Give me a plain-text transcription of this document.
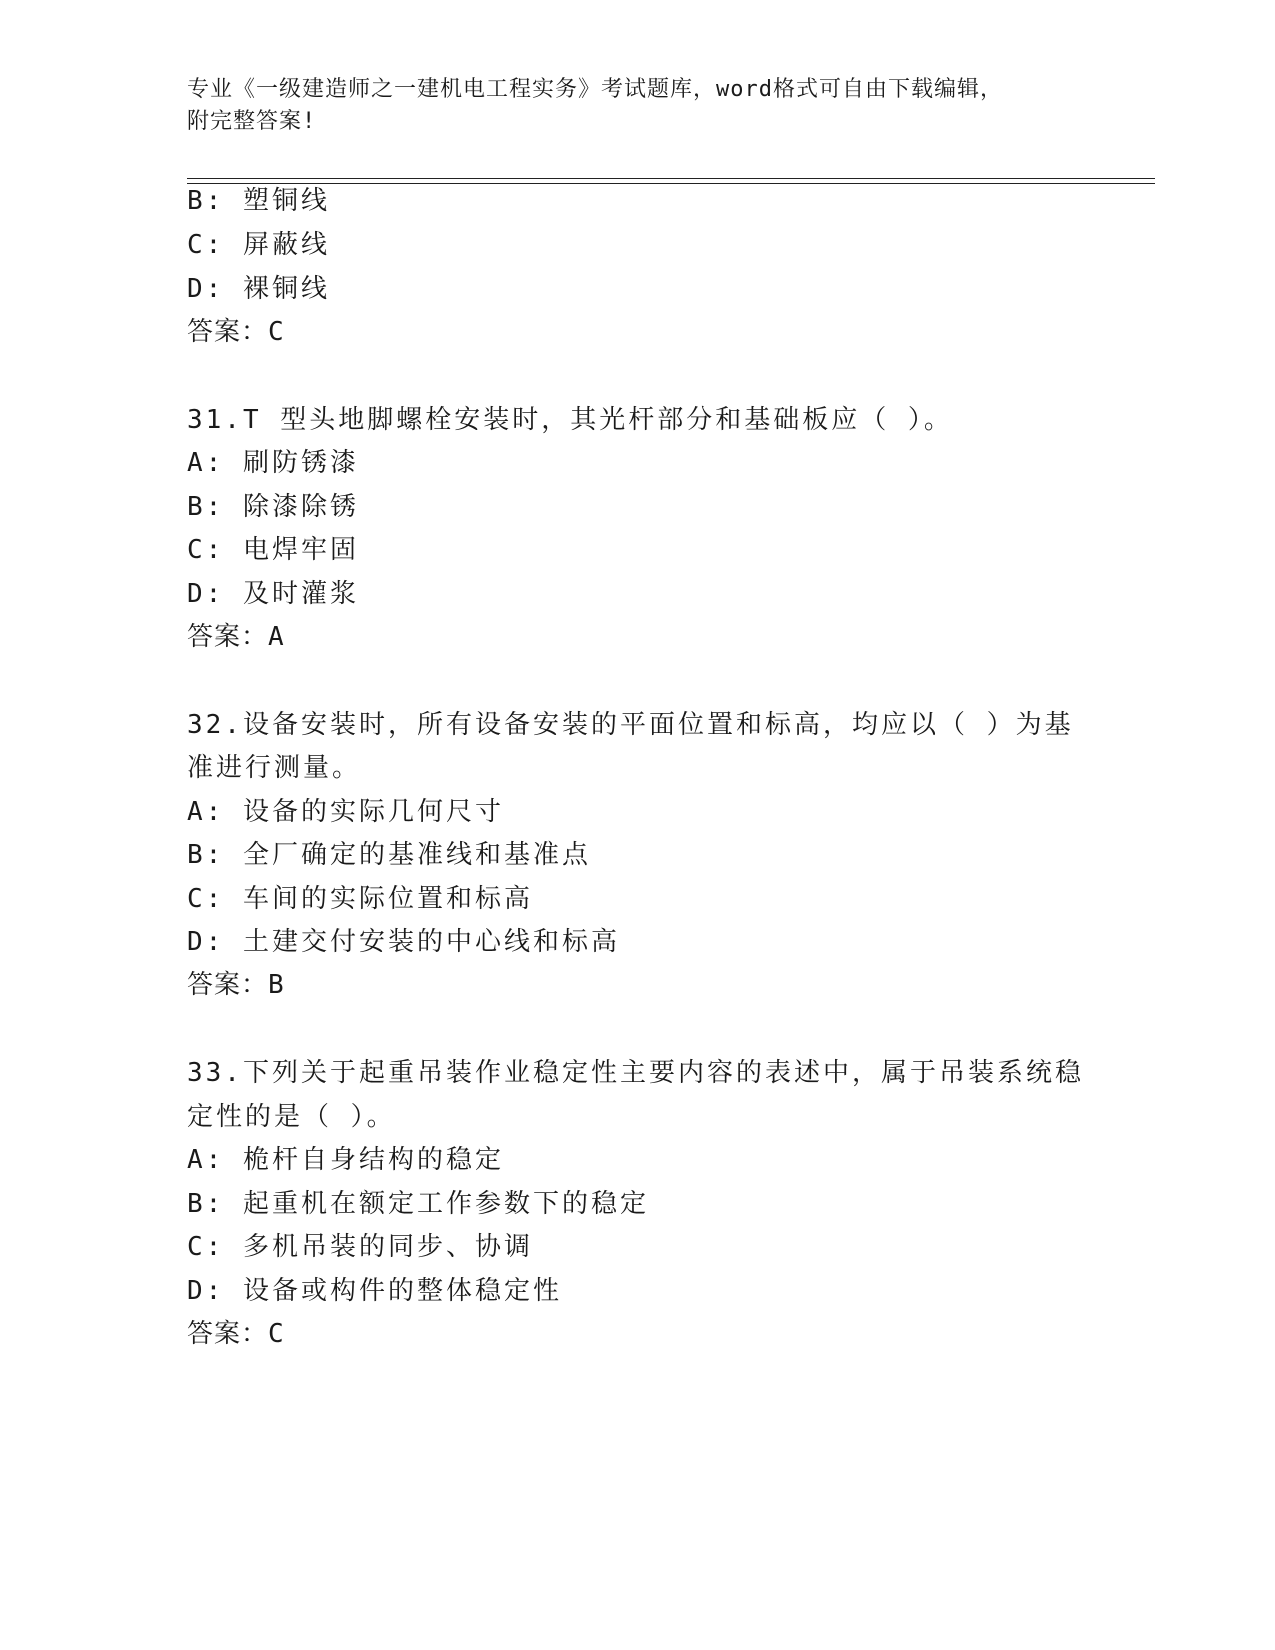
专业《一级建造师之一建机电工程实务》考试题库，word格式可自由下载编辑，
附完整答案!
B: 塑铜线
C: 屏蔽线
D: 裸铜线
答案：C
31.T 型头地脚螺栓安装时，其光杆部分和基础板应（ ）。
A: 刷防锈漆
B: 除漆除锈
C: 电焊牢固
D: 及时灌浆
答案：A
32.设备安装时，所有设备安装的平面位置和标高，均应以（ ）为基
准进行测量。
A: 设备的实际几何尺寸
B: 全厂确定的基准线和基准点
C: 车间的实际位置和标高
D: 土建交付安装的中心线和标高
答案：B
33.下列关于起重吊装作业稳定性主要内容的表述中，属于吊装系统稳
定性的是（ ）。
A: 桅杆自身结构的稳定
B: 起重机在额定工作参数下的稳定
C: 多机吊装的同步、协调
D: 设备或构件的整体稳定性
答案：C
